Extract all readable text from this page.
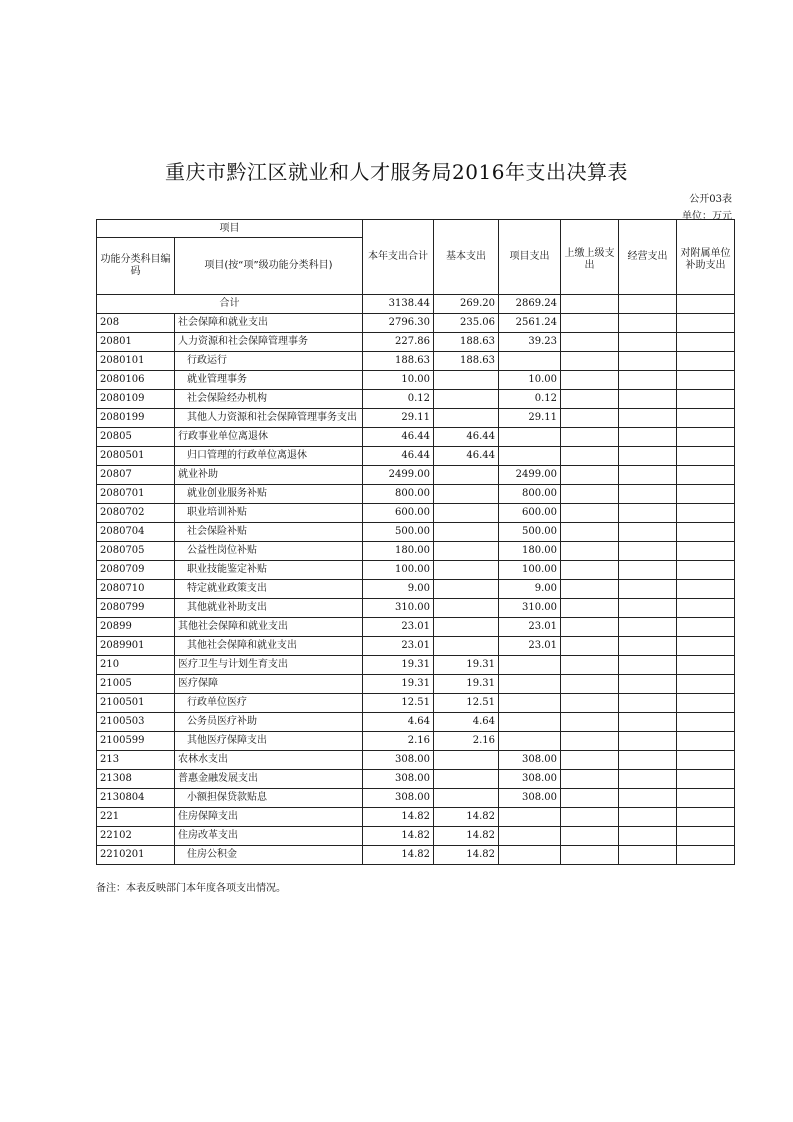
重庆市黔江区就业和人才服务局2016年支出决算表
公开03表
单位：万元
项目		本年支出合计	基本支出	项目支出	上缴上级支出	经营支出	对附属单位补助支出
功能分类科目编码	项目(按“项”级功能分类科目)						
合计		3138.44	269.20	2869.24			
208	社会保障和就业支出	2796.30	235.06	2561.24			
20801	人力资源和社会保障管理事务	227.86	188.63	39.23			
2080101	行政运行	188.63	188.63				
2080106	就业管理事务	10.00		10.00			
2080109	社会保险经办机构	0.12		0.12			
2080199	其他人力资源和社会保障管理事务支出	29.11		29.11			
20805	行政事业单位离退休	46.44	46.44				
2080501	归口管理的行政单位离退休	46.44	46.44				
20807	就业补助	2499.00		2499.00			
2080701	就业创业服务补贴	800.00		800.00			
2080702	职业培训补贴	600.00		600.00			
2080704	社会保险补贴	500.00		500.00			
2080705	公益性岗位补贴	180.00		180.00			
2080709	职业技能鉴定补贴	100.00		100.00			
2080710	特定就业政策支出	9.00		9.00			
2080799	其他就业补助支出	310.00		310.00			
20899	其他社会保障和就业支出	23.01		23.01			
2089901	其他社会保障和就业支出	23.01		23.01			
210	医疗卫生与计划生育支出	19.31	19.31				
21005	医疗保障	19.31	19.31				
2100501	行政单位医疗	12.51	12.51				
2100503	公务员医疗补助	4.64	4.64				
2100599	其他医疗保障支出	2.16	2.16				
213	农林水支出	308.00		308.00			
21308	普惠金融发展支出	308.00		308.00			
2130804	小额担保贷款贴息	308.00		308.00			
221	住房保障支出	14.82	14.82				
22102	住房改革支出	14.82	14.82				
2210201	住房公积金	14.82	14.82				
备注：本表反映部门本年度各项支出情况。
